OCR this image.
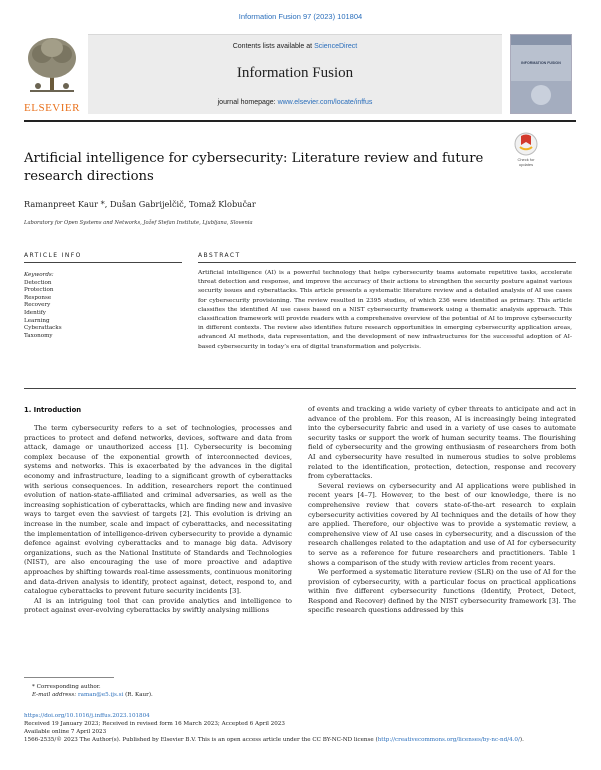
Information Fusion 97 (2023) 101804
ELSEVIER
Contents lists available at ScienceDirect
Information Fusion
journal homepage: www.elsevier.com/locate/inffus
INFORMATION FUSION
Check for
updates
Artificial intelligence for cybersecurity: Literature review and future research directions
Ramanpreet Kaur *, Dušan Gabrijelčič, Tomaž Klobučar
Laboratory for Open Systems and Networks, Jožef Stefan Institute, Ljubljana, Slovenia
ARTICLE INFO	ABSTRACT
Keywords:
Detection
Protection
Response
Recovery
Identify
Learning
Cyberattacks
Taxonomy
Artificial intelligence (AI) is a powerful technology that helps cybersecurity teams automate repetitive tasks, accelerate threat detection and response, and improve the accuracy of their actions to strengthen the security posture against various security issues and cyberattacks. This article presents a systematic literature review and a detailed analysis of AI use cases for cybersecurity provisioning. The review resulted in 2395 studies, of which 236 were identified as primary. This article classifies the identified AI use cases based on a NIST cybersecurity framework using a thematic analysis approach. This classification framework will provide readers with a comprehensive overview of the potential of AI to improve cybersecurity in different contexts. The review also identifies future research opportunities in emerging cybersecurity application areas, advanced AI methods, data representation, and the development of new infrastructures for the successful adoption of AI-based cybersecurity in today’s era of digital transformation and polycrisis.
1. Introduction

The term cybersecurity refers to a set of technologies, processes and practices to protect and defend networks, devices, software and data from attack, damage or unauthorized access [1]. Cybersecurity is becoming complex because of the exponential growth of interconnected devices, systems and networks. This is exacerbated by the advances in the digital economy and infrastructure, leading to a significant growth of cyberattacks with serious consequences. In addition, researchers report the continued evolution of nation-state-affiliated and criminal adversaries, as well as the increasing sophistication of cyberattacks, which are finding new and invasive ways to target even the savviest of targets [2]. This evolution is driving an increase in the number, scale and impact of cyberattacks, and necessitating the implementation of intelligence-driven cybersecurity to provide a dynamic defence against evolving cyberattacks and to manage big data. Advisory organizations, such as the National Institute of Standards and Technologies (NIST), are also encouraging the use of more proactive and adaptive approaches by shifting towards real-time assessments, continuous monitoring and data-driven analysis to identify, protect against, detect, respond to, and catalogue cyberattacks to prevent future security incidents [3].

AI is an intriguing tool that can provide analytics and intelligence to protect against ever-evolving cyberattacks by swiftly analysing millions

of events and tracking a wide variety of cyber threats to anticipate and act in advance of the problem. For this reason, AI is increasingly being integrated into the cybersecurity fabric and used in a variety of use cases to automate security tasks or support the work of human security teams. The flourishing field of cybersecurity and the growing enthusiasm of researchers from both AI and cybersecurity have resulted in numerous studies to solve problems related to the identification, protection, detection, response and recovery from cyberattacks.

Several reviews on cybersecurity and AI applications were published in recent years [4–7]. However, to the best of our knowledge, there is no comprehensive review that covers state-of-the-art research to explain cybersecurity activities covered by AI techniques and the details of how they are applied. Therefore, our objective was to provide a systematic review, a comprehensive view of AI use cases in cybersecurity, and a discussion of the research challenges related to the adaptation and use of AI for cybersecurity to serve as a reference for future researchers and practitioners. Table 1 shows a comparison of the study with review articles from recent years.

We performed a systematic literature review (SLR) on the use of AI for the provision of cybersecurity, with a particular focus on practical applications within five different cybersecurity functions (Identify, Protect, Detect, Respond and Recover) defined by the NIST cybersecurity framework [3]. The specific research questions addressed by this

* Corresponding author.
E-mail address: raman@e5.ijs.si (R. Kaur).
https://doi.org/10.1016/j.inffus.2023.101804
Received 19 January 2023; Received in revised form 16 March 2023; Accepted 6 April 2023
Available online 7 April 2023
1566-2535/© 2023 The Author(s). Published by Elsevier B.V. This is an open access article under the CC BY-NC-ND license (http://creativecommons.org/licenses/by-nc-nd/4.0/).
